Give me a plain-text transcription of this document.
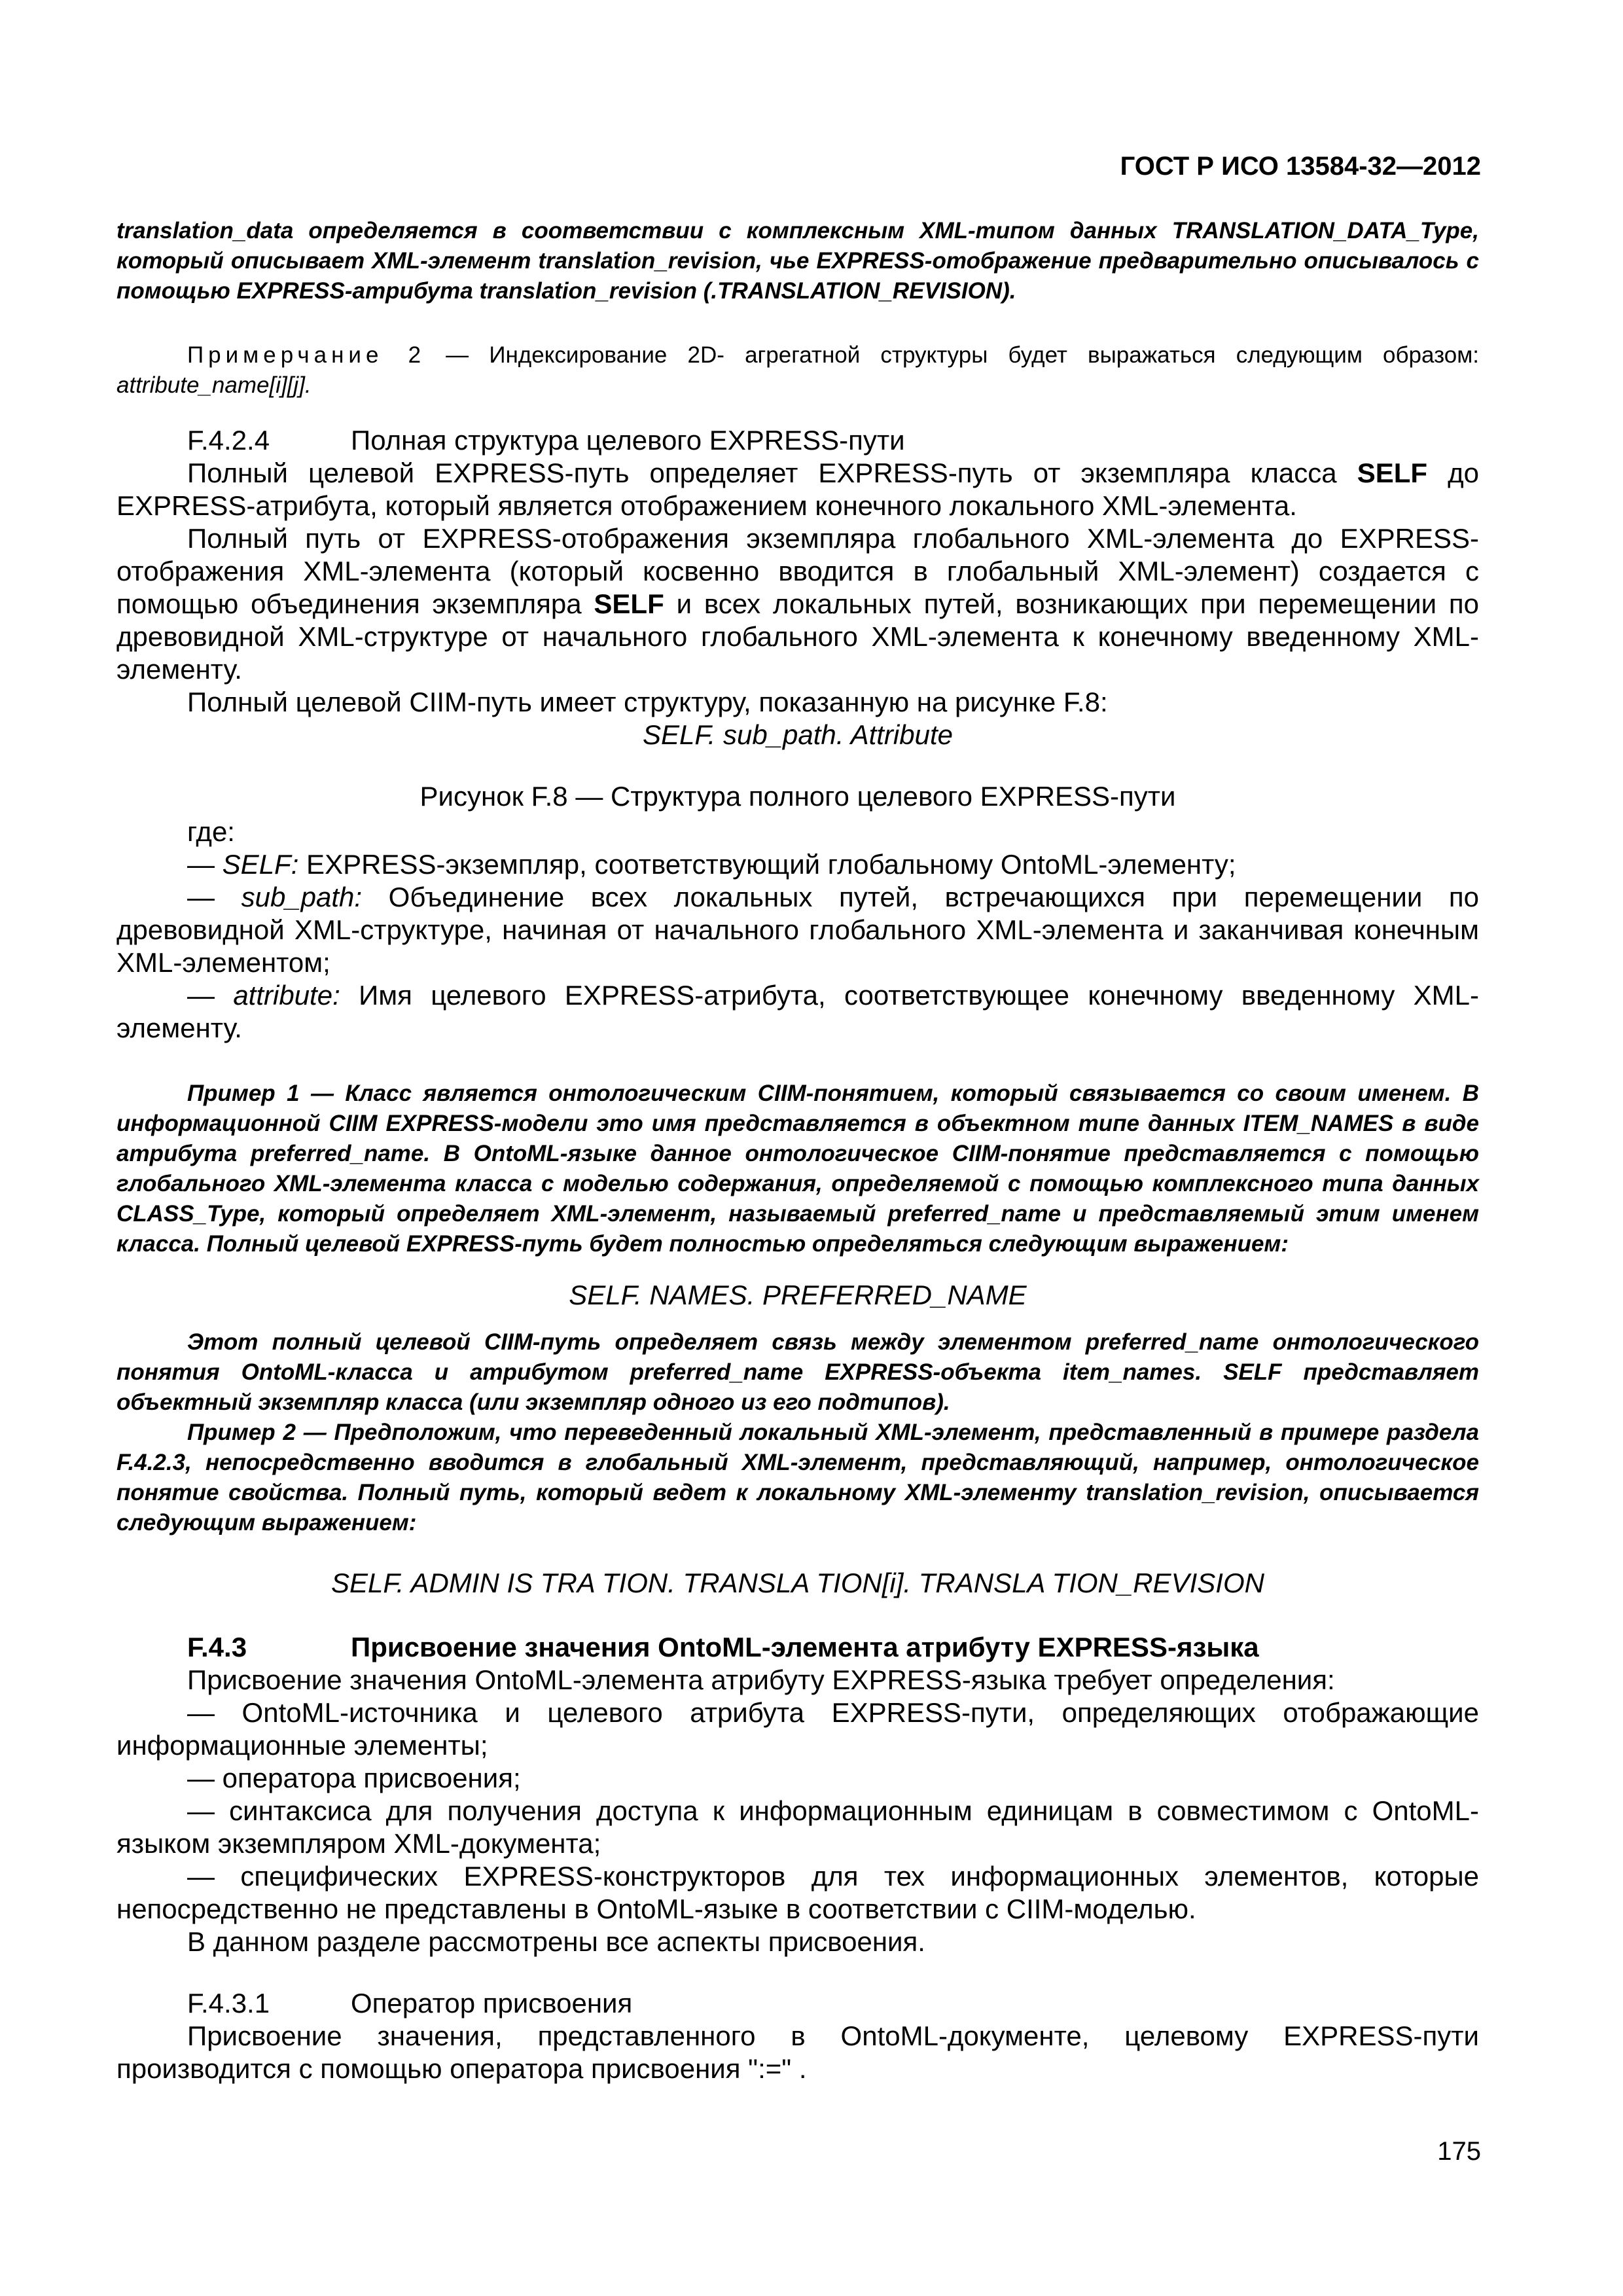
ГОСТ Р ИСО 13584-32—2012

translation_data определяется в соответствии с комплексным XML-типом данных TRANSLATION_DATA_Type, который описывает XML-элемент translation_revision, чье EXPRESS-отображение предварительно описывалось с помощью EXPRESS-атрибута translation_revision (.TRANSLATION_REVISION).

Примерчание 2 — Индексирование 2D- агрегатной структуры будет выражаться следующим образом: attribute_name[i][j].

F.4.2.4	Полная структура целевого EXPRESS-пути

Полный целевой EXPRESS-путь определяет EXPRESS-путь от экземпляра класса SELF до EXPRESS-атрибута, который является отображением конечного локального XML-элемента.

Полный путь от EXPRESS-отображения экземпляра глобального XML-элемента до EXPRESS-отображения XML-элемента (который косвенно вводится в глобальный XML-элемент) создается с помощью объединения экземпляра SELF и всех локальных путей, возникающих при перемещении по древовидной XML-структуре от начального глобального XML-элемента к конечному введенному XML-элементу.

Полный целевой CIIM-путь имеет структуру, показанную на рисунке F.8:

SELF. sub_path. Attribute

Рисунок F.8 — Структура полного целевого EXPRESS-пути

где:

— SELF: EXPRESS-экземпляр, соответствующий глобальному OntoML-элементу;

— sub_path: Объединение всех локальных путей, встречающихся при перемещении по древовидной XML-структуре, начиная от начального глобального XML-элемента и заканчивая конечным XML-элементом;

— attribute: Имя целевого EXPRESS-атрибута, соответствующее конечному введенному XML-элементу.

Пример 1 — Класс является онтологическим CIIM-понятием, который связывается со своим именем. В информационной CIIM EXPRESS-модели это имя представляется в объектном типе данных ITEM_NAMES в виде атрибута preferred_name. В OntoML-языке данное онтологическое CIIM-понятие представляется с помощью глобального XML-элемента класса с моделью содержания, определяемой с помощью комплексного типа данных CLASS_Type, который определяет XML-элемент, называемый preferred_name и представляемый этим именем класса. Полный целевой EXPRESS-путь будет полностью определяться следующим выражением:

SELF. NAMES. PREFERRED_NAME

Этот полный целевой CIIM-путь определяет связь между элементом preferred_name онтологического понятия OntoML-класса и атрибутом preferred_name EXPRESS-объекта item_names. SELF представляет объектный экземпляр класса (или экземпляр одного из его подтипов).

Пример 2 — Предположим, что переведенный локальный XML-элемент, представленный в примере раздела F.4.2.3, непосредственно вводится в глобальный XML-элемент, представляющий, например, онтологическое понятие свойства. Полный путь, который ведет к локальному XML-элементу translation_revision, описывается следующим выражением:

SELF. ADMIN IS TRA TION. TRANSLA TION[i]. TRANSLA TION_REVISION

F.4.3	Присвоение значения OntoML-элемента атрибуту EXPRESS-языка

Присвоение значения OntoML-элемента атрибуту EXPRESS-языка требует определения:

— OntoML-источника и целевого атрибута EXPRESS-пути, определяющих отображающие информационные элементы;

— оператора присвоения;

— синтаксиса для получения доступа к информационным единицам в совместимом с OntoML-языком экземпляром XML-документа;

— специфических EXPRESS-конструкторов для тех информационных элементов, которые непосредственно не представлены в OntoML-языке в соответствии с CIIM-моделью.

В данном разделе рассмотрены все аспекты присвоения.

F.4.3.1	Оператор присвоения

Присвоение значения, представленного в OntoML-документе, целевому EXPRESS-пути производится с помощью оператора присвоения ":=" .

175
